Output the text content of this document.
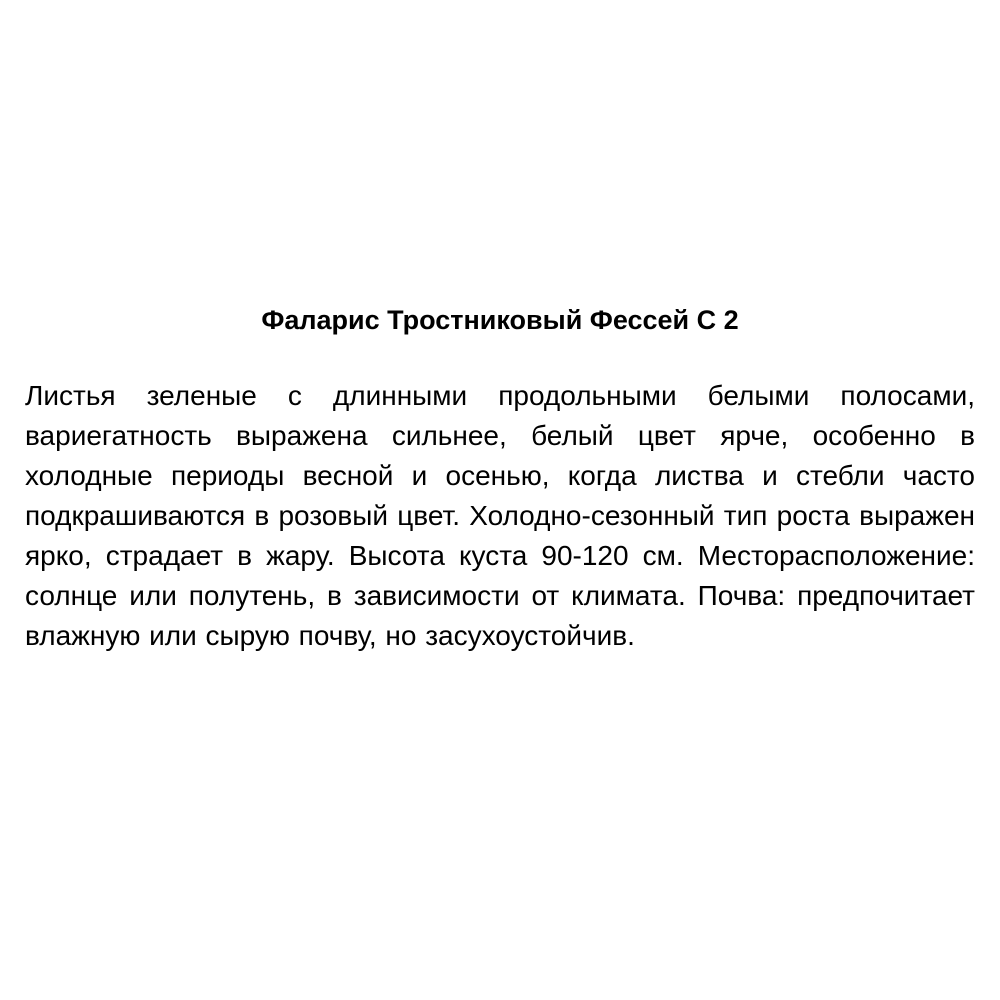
Фаларис Тростниковый Фессей С 2

Листья зеленые с длинными продольными белыми полосами, вариегатность выражена сильнее, белый цвет ярче, особенно в холодные периоды весной и осенью, когда листва и стебли часто подкрашиваются в розовый цвет. Холодно-сезонный тип роста выражен ярко, страдает в жару. Высота куста 90-120 см. Месторасположение: солнце или полутень, в зависимости от климата. Почва: предпочитает влажную или сырую почву, но засухоустойчив.
